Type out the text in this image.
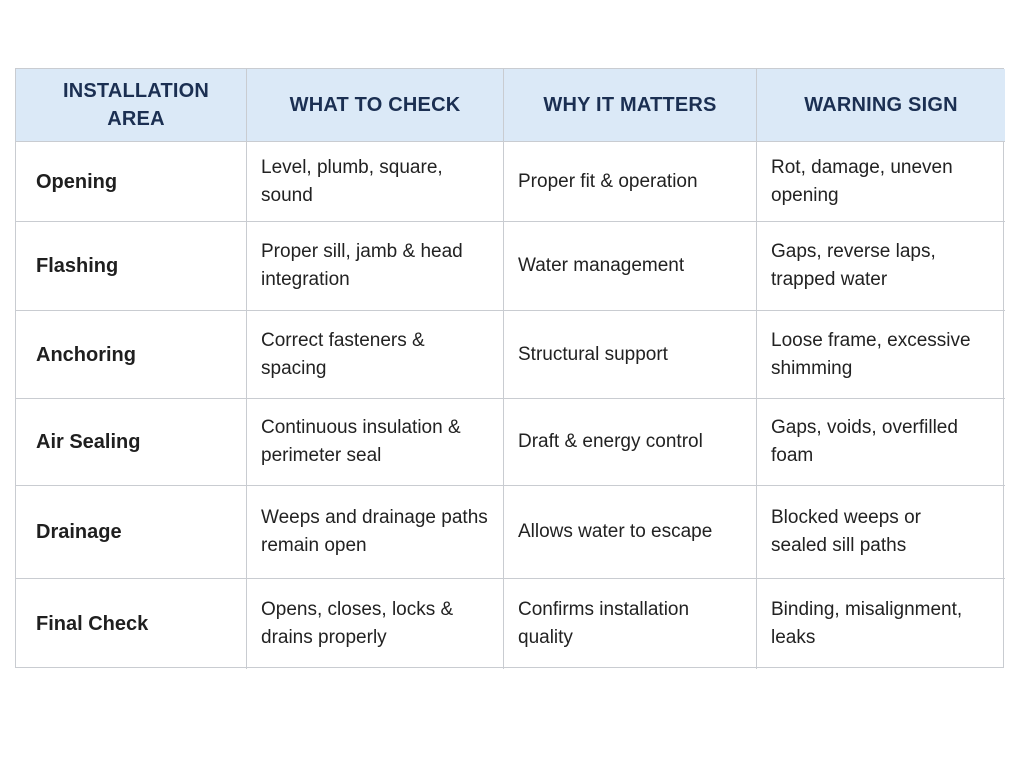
INSTALLATION AREA
WHAT TO CHECK	WHY IT MATTERS	WARNING SIGN
Opening
Level, plumb, square, sound
Proper fit & operation
Rot, damage, uneven opening
Flashing
Proper sill, jamb & head
integration
Water management
Gaps, reverse laps,
trapped water
Anchoring
Correct fasteners & spacing
Structural support
Loose frame, excessive
shimming
Air Sealing
Continuous insulation &
perimeter seal
Draft & energy control
Gaps, voids, overfilled foam
Drainage
Weeps and drainage paths
remain open
Allows water to escape
Blocked weeps or
sealed sill paths
Final Check
Opens, closes, locks &
drains properly
Confirms installation quality
Binding, misalignment, leaks
